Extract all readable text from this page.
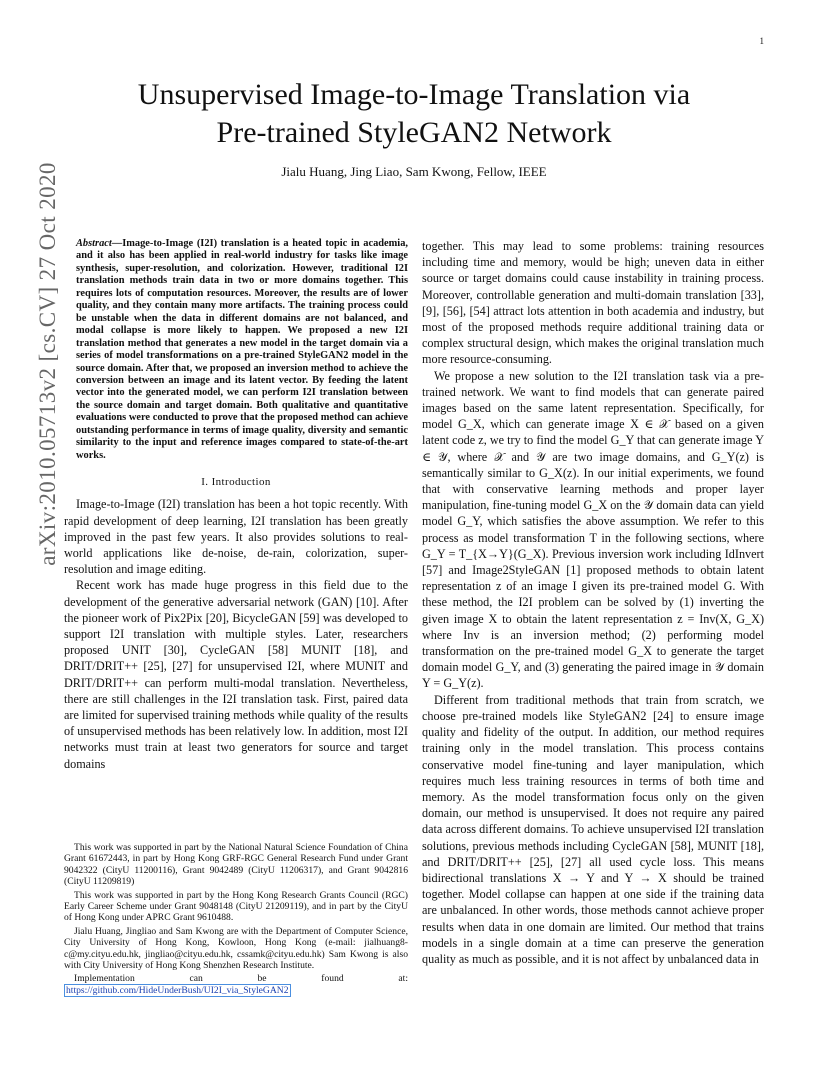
1
Unsupervised Image-to-Image Translation via
Pre-trained StyleGAN2 Network
Jialu Huang, Jing Liao, Sam Kwong, Fellow, IEEE
arXiv:2010.05713v2 [cs.CV] 27 Oct 2020	Abstract—Image-to-Image (I2I) translation is a heated topic in academia, and it also has been applied in real-world industry for tasks like image synthesis, super-resolution, and colorization. However, traditional I2I translation methods train data in two or more domains together. This requires lots of computation resources. Moreover, the results are of lower quality, and they contain many more artifacts. The training process could be unstable when the data in different domains are not balanced, and modal collapse is more likely to happen. We proposed a new I2I translation method that generates a new model in the target domain via a series of model transformations on a pre-trained StyleGAN2 model in the source domain. After that, we proposed an inversion method to achieve the conversion between an image and its latent vector. By feeding the latent vector into the generated model, we can perform I2I translation between the source domain and target domain. Both qualitative and quantitative evaluations were conducted to prove that the proposed method can achieve outstanding performance in terms of image quality, diversity and semantic similarity to the input and reference images compared to state-of-the-art works.
I. Introduction

Image-to-Image (I2I) translation has been a hot topic recently. With rapid development of deep learning, I2I translation has been greatly improved in the past few years. It also provides solutions to real-world applications like de-noise, de-rain, colorization, super-resolution and image editing.

Recent work has made huge progress in this field due to the development of the generative adversarial network (GAN) [10]. After the pioneer work of Pix2Pix [20], BicycleGAN [59] was developed to support I2I translation with multiple styles. Later, researchers proposed UNIT [30], CycleGAN [58] MUNIT [18], and DRIT/DRIT++ [25], [27] for unsupervised I2I, where MUNIT and DRIT/DRIT++ can perform multi-modal translation. Nevertheless, there are still challenges in the I2I translation task. First, paired data are limited for supervised training methods while quality of the results of unsupervised methods has been relatively low. In addition, most I2I networks must train at least two generators for source and target domains

This work was supported in part by the National Natural Science Foundation of China Grant 61672443, in part by Hong Kong GRF-RGC General Research Fund under Grant 9042322 (CityU 11200116), Grant 9042489 (CityU 11206317), and Grant 9042816 (CityU 11209819)

This work was supported in part by the Hong Kong Research Grants Council (RGC) Early Career Scheme under Grant 9048148 (CityU 21209119), and in part by the CityU of Hong Kong under APRC Grant 9610488.

Jialu Huang, Jingliao and Sam Kwong are with the Department of Computer Science, City University of Hong Kong, Kowloon, Hong Kong (e-mail: jialhuang8-c@my.cityu.edu.hk, jingliao@cityu.edu.hk, cssamk@cityu.edu.hk) Sam Kwong is also with City University of Hong Kong Shenzhen Research Institute.

Implementation can be found at: https://github.com/HideUnderBush/UI2I_via_StyleGAN2

together. This may lead to some problems: training resources including time and memory, would be high; uneven data in either source or target domains could cause instability in training process. Moreover, controllable generation and multi-domain translation [33], [9], [56], [54] attract lots attention in both academia and industry, but most of the proposed methods require additional training data or complex structural design, which makes the original translation much more resource-consuming.

We propose a new solution to the I2I translation task via a pre-trained network. We want to find models that can generate paired images based on the same latent representation. Specifically, for model G_X, which can generate image X ∈ 𝒳 based on a given latent code z, we try to find the model G_Y that can generate image Y ∈ 𝒴, where 𝒳 and 𝒴 are two image domains, and G_Y(z) is semantically similar to G_X(z). In our initial experiments, we found that with conservative learning methods and proper layer manipulation, fine-tuning model G_X on the 𝒴 domain data can yield model G_Y, which satisfies the above assumption. We refer to this process as model transformation T in the following sections, where G_Y = T_{X→Y}(G_X). Previous inversion work including IdInvert [57] and Image2StyleGAN [1] proposed methods to obtain latent representation z of an image I given its pre-trained model G. With these method, the I2I problem can be solved by (1) inverting the given image X to obtain the latent representation z = Inv(X, G_X) where Inv is an inversion method; (2) performing model transformation on the pre-trained model G_X to generate the target domain model G_Y, and (3) generating the paired image in 𝒴 domain Y = G_Y(z).

Different from traditional methods that train from scratch, we choose pre-trained models like StyleGAN2 [24] to ensure image quality and fidelity of the output. In addition, our method requires training only in the model translation. This process contains conservative model fine-tuning and layer manipulation, which requires much less training resources in terms of both time and memory. As the model transformation focus only on the given domain, our method is unsupervised. It does not require any paired data across different domains. To achieve unsupervised I2I translation solutions, previous methods including CycleGAN [58], MUNIT [18], and DRIT/DRIT++ [25], [27] all used cycle loss. This means bidirectional translations X → Y and Y → X should be trained together. Model collapse can happen at one side if the training data are unbalanced. In other words, those methods cannot achieve proper results when data in one domain are limited. Our method that trains models in a single domain at a time can preserve the generation quality as much as possible, and it is not affect by unbalanced data in
